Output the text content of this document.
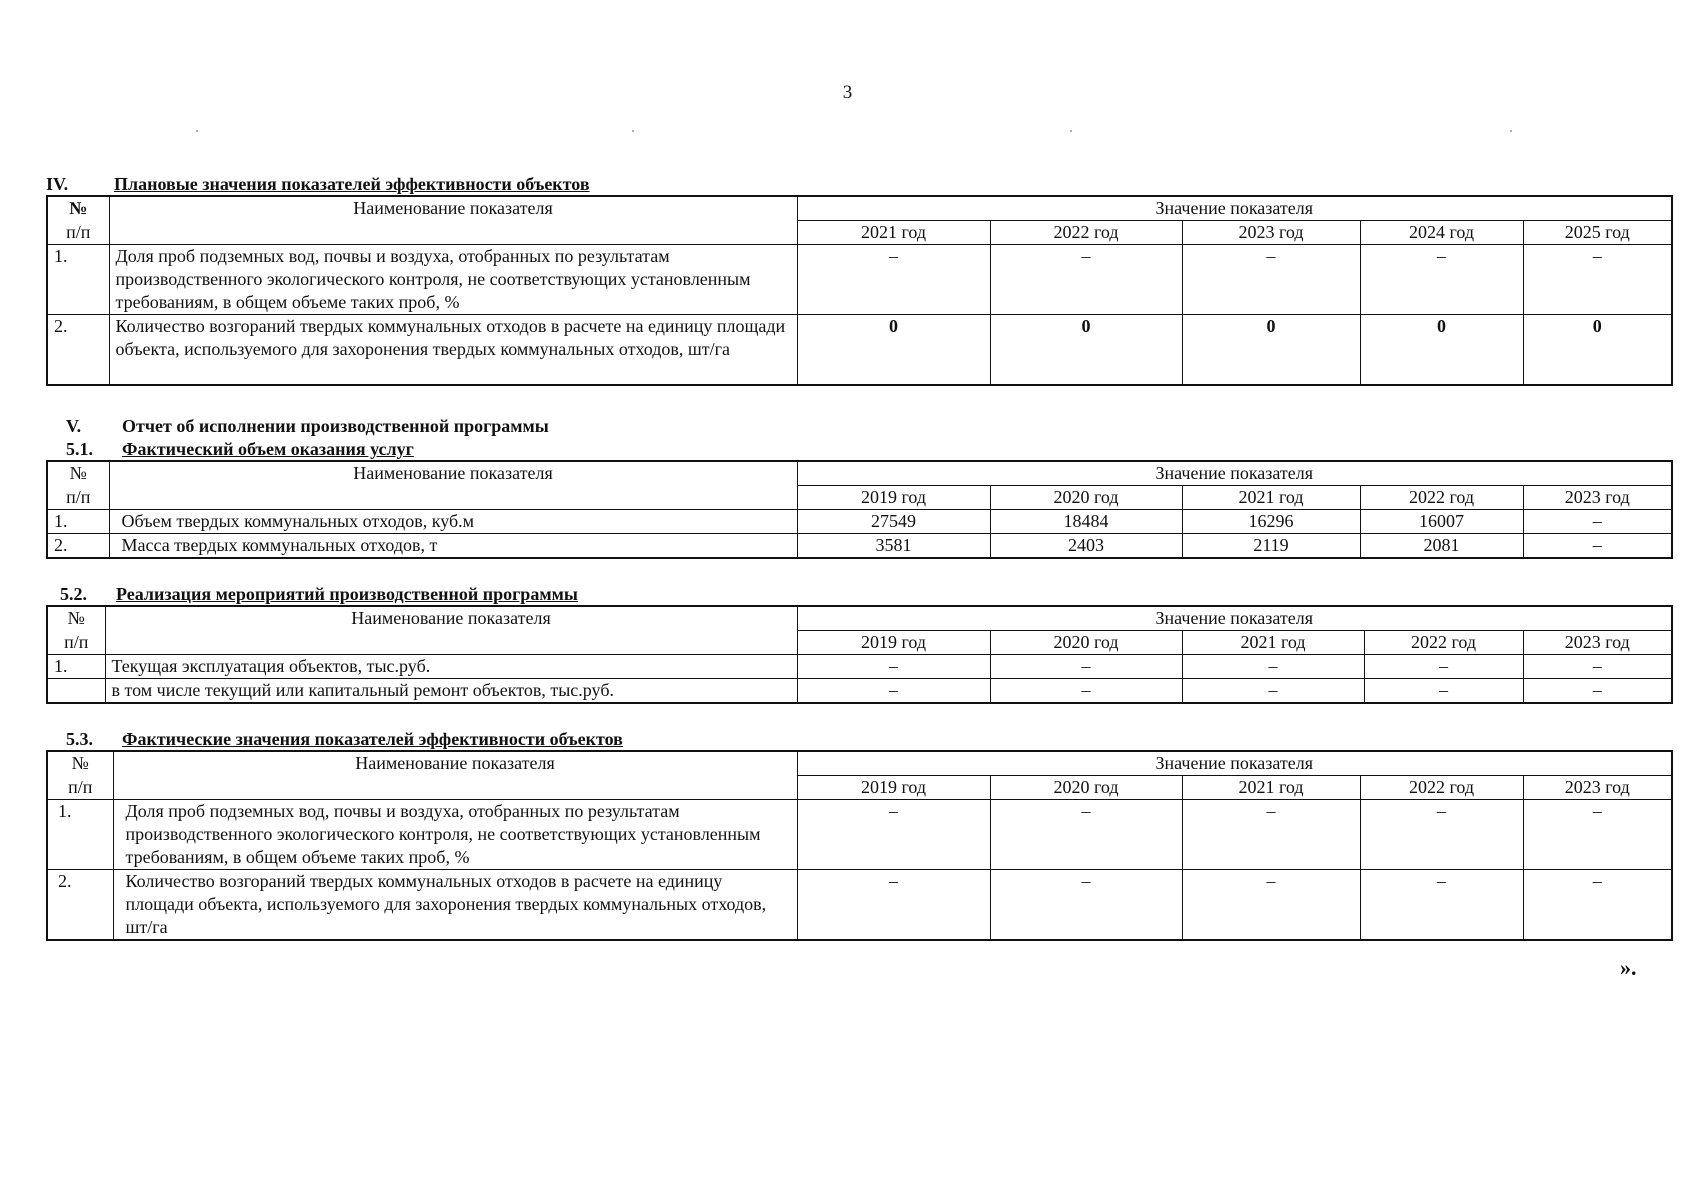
3
IV.	Плановые значения показателей эффективности объектов
№	Наименование показателя	Значение показателя				
п/п		2021 год	2022 год	2023 год	2024 год	2025 год
1.	Доля проб подземных вод, почвы и воздуха, отобранных по результатам производственного экологического контроля, не соответствующих установленным требованиям, в общем объеме таких проб, %	–	–	–	–	–
2.	Количество возгораний твердых коммунальных отходов в расчете на единицу площади объекта, используемого для захоронения твердых коммунальных отходов, шт/га	0	0	0	0	0
V. Отчет об исполнении производственной программы
5.1. Фактический объем оказания услуг
№	Наименование показателя	Значение показателя				
п/п		2019 год	2020 год	2021 год	2022 год	2023 год
1.	Объем твердых коммунальных отходов, куб.м	27549	18484	16296	16007	–
2.	Масса твердых коммунальных отходов, т	3581	2403	2119	2081	–
5.2. Реализация мероприятий производственной программы
№	Наименование показателя	Значение показателя				
п/п		2019 год	2020 год	2021 год	2022 год	2023 год
1.	Текущая эксплуатация объектов, тыс.руб.	–	–	–	–	–
	в том числе текущий или капитальный ремонт объектов, тыс.руб.	–	–	–	–	–
5.3. Фактические значения показателей эффективности объектов
№	Наименование показателя	Значение показателя				
п/п		2019 год	2020 год	2021 год	2022 год	2023 год
1.	Доля проб подземных вод, почвы и воздуха, отобранных по результатам производственного экологического контроля, не соответствующих установленным требованиям, в общем объеме таких проб, %	–	–	–	–	–
2.	Количество возгораний твердых коммунальных отходов в расчете на единицу площади объекта, используемого для захоронения твердых коммунальных отходов, шт/га	–	–	–	–	–
».
